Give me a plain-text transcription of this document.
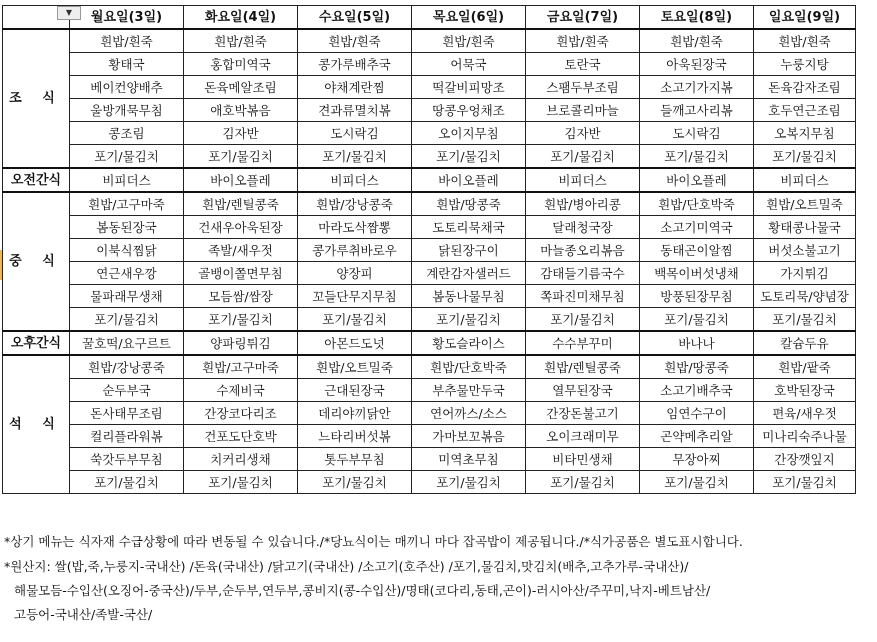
▼	월요일(3일)	화요일(4일)	수요일(5일)	목요일(6일)	금요일(7일)	토요일(8일)	일요일(9일)
조 식	흰밥/흰죽	흰밥/흰죽	흰밥/흰죽	흰밥/흰죽	흰밥/흰죽	흰밥/흰죽	흰밥/흰죽
	황태국	홍합미역국	콩가루배추국	어묵국	토란국	아욱된장국	누룽지탕
	베이컨양배추	돈육메알조림	야채계란찜	떡갈비피망조	스팸두부조림	소고기가지볶	돈육감자조림
	울방개묵무침	애호박볶음	견과류멸치볶	땅콩우엉채조	브로콜리마늘	들깨고사리볶	호두연근조림
	콩조림	김자반	도시락김	오이지무침	김자반	도시락김	오복지무침
	포기/물김치	포기/물김치	포기/물김치	포기/물김치	포기/물김치	포기/물김치	포기/물김치
오전간식	비피더스	바이오플레	비피더스	바이오플레	비피더스	바이오플레	비피더스
중 식	흰밥/고구마죽	흰밥/렌틸콩죽	흰밥/강낭콩죽	흰밥/땅콩죽	흰밥/병아리콩	흰밥/단호박죽	흰밥/오트밀죽
	봄동된장국	건새우아욱된장	마라도삭짬뽕	도토리묵채국	달래청국장	소고기미역국	황태콩나물국
	이북식찜닭	족발/새우젓	콩가루취바로우	닭된장구이	마늘종오리볶음	동태곤이알찜	버섯소불고기
	연근새우깡	골뱅이쫄면무침	양장피	계란감자샐러드	감태들기름국수	백목이버섯냉채	가지튀김
	물파래무생채	모듬쌈/쌈장	꼬들단무지무침	봄동나물무침	쪽파진미채무침	방풍된장무침	도토리묵/양념장
	포기/물김치	포기/물김치	포기/물김치	포기/물김치	포기/물김치	포기/물김치	포기/물김치
오후간식	꿀호떡/요구르트	양파링튀김	아몬드도넛	황도슬라이스	수수부꾸미	바나나	칼슘두유
석 식	흰밥/강낭콩죽	흰밥/고구마죽	흰밥/오트밀죽	흰밥/단호박죽	흰밥/렌틸콩죽	흰밥/땅콩죽	흰밥/팥죽
	순두부국	수제비국	근대된장국	부추물만두국	열무된장국	소고기배추국	호박된장국
	돈사태무조림	간장코다리조	데리야끼닭안	연어까스/소스	간장돈불고기	임연수구이	편육/새우젓
	컬리플라워볶	건포도단호박	느타리버섯볶	가마보꼬볶음	오이크래미무	곤약메추리알	미나리숙주나물
	쑥갓두부무침	치커리생채	톳두부무침	미역초무침	비타민생채	무장아찌	간장깻잎지
	포기/물김치	포기/물김치	포기/물김치	포기/물김치	포기/물김치	포기/물김치	포기/물김치
*상기 메뉴는 식자재 수급상황에 따라 변동될 수 있습니다./*당뇨식이는 매끼니 마다 잡곡밥이 제공됩니다./*식가공품은 별도표시합니다.
*원산지: 쌀(밥,죽,누룽지-국내산) /돈육(국내산) /닭고기(국내산) /소고기(호주산) /포기,물김치,맛김치(배추,고추가루-국내산)/
해물모듬-수입산(오징어-중국산)/두부,순두부,연두부,콩비지(콩-수입산)/명태(코다리,동태,곤이)-러시아산/주꾸미,낙지-베트남산/
고등어-국내산/족발-국산/
